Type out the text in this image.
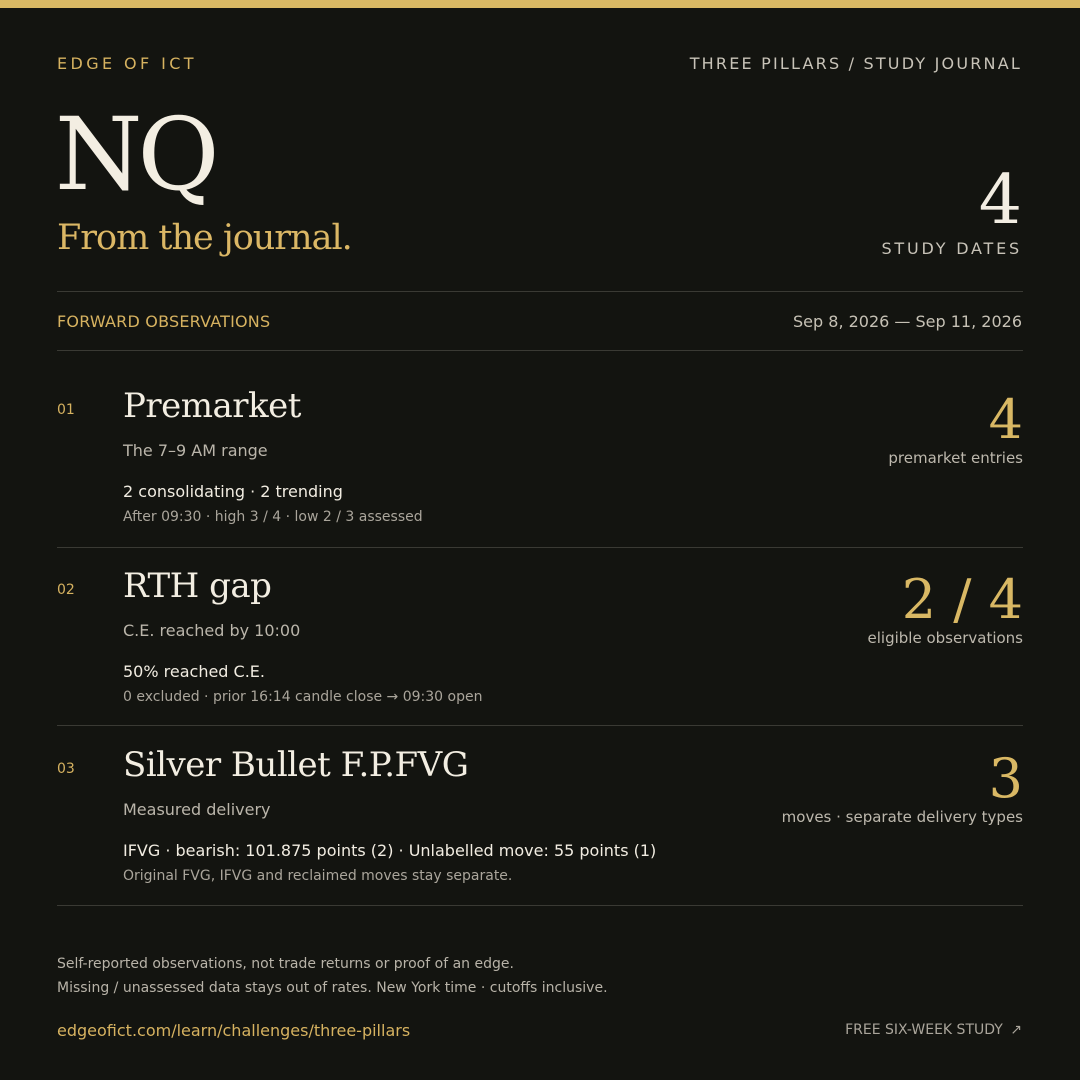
EDGE OF ICT	THREE PILLARS / STUDY JOURNAL
NQ
From the journal.	4
STUDY DATES
FORWARD OBSERVATIONS	Sep 8, 2026 — Sep 11, 2026
01 Premarket
The 7–9 AM range
2 consolidating · 2 trending
After 09:30 · high 3 / 4 · low 2 / 3 assessed
4
premarket entries
02 RTH gap
C.E. reached by 10:00
50% reached C.E.
0 excluded · prior 16:14 candle close → 09:30 open
2 / 4
eligible observations
03 Silver Bullet F.P.FVG
Measured delivery
IFVG · bearish: 101.875 points (2) · Unlabelled move: 55 points (1)
Original FVG, IFVG and reclaimed moves stay separate.
3
moves · separate delivery types
Self-reported observations, not trade returns or proof of an edge.
Missing / unassessed data stays out of rates. New York time · cutoffs inclusive.
edgeofict.com/learn/challenges/three-pillars	FREE SIX-WEEK STUDY ↗
